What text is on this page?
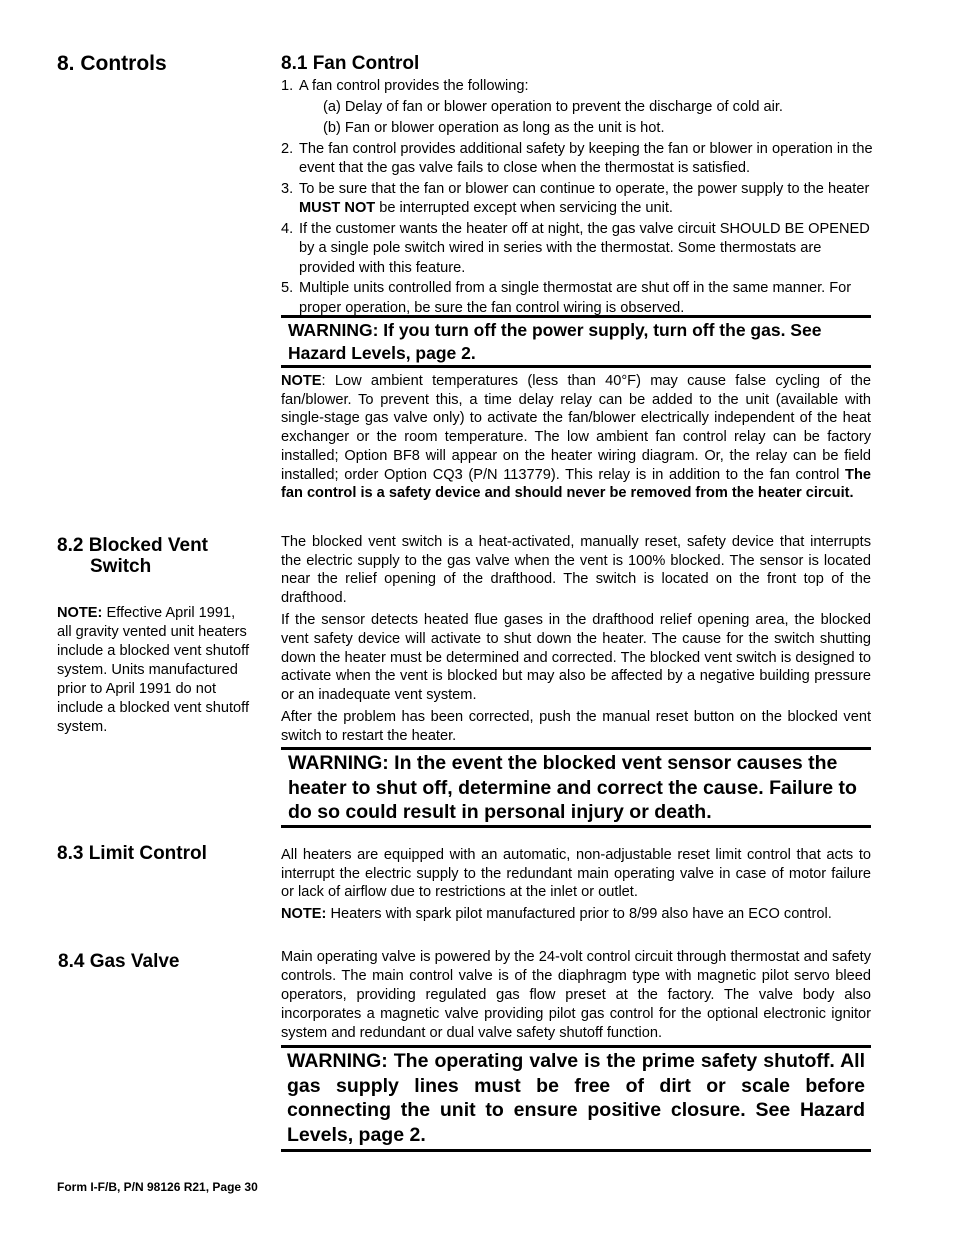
8. Controls	8.1 Fan Control
1. A fan control provides the following:
(a) Delay of fan or blower operation to prevent the discharge of cold air.
(b) Fan or blower operation as long as the unit is hot.
2. The fan control provides additional safety by keeping the fan or blower in operation in the event that the gas valve fails to close when the thermostat is satisfied.
3. To be sure that the fan or blower can continue to operate, the power supply to the heater MUST NOT be interrupted except when servicing the unit.
4. If the customer wants the heater off at night, the gas valve circuit SHOULD BE OPENED by a single pole switch wired in series with the thermostat. Some thermostats are provided with this feature.
5. Multiple units controlled from a single thermostat are shut off in the same manner. For proper operation, be sure the fan control wiring is observed.
WARNING: If you turn off the power supply, turn off the gas. See Hazard Levels, page 2.
NOTE: Low ambient temperatures (less than 40°F) may cause false cycling of the fan/blower. To prevent this, a time delay relay can be added to the unit (available with single-stage gas valve only) to activate the fan/blower electrically independent of the heat exchanger or the room temperature. The low ambient fan control relay can be factory installed; Option BF8 will appear on the heater wiring diagram. Or, the relay can be field installed; order Option CQ3 (P/N 113779). This relay is in addition to the fan control The fan control is a safety device and should never be removed from the heater circuit.
8.2 Blocked Vent
Switch
NOTE: Effective April 1991, all gravity vented unit heaters include a blocked vent shutoff system. Units manufactured prior to April 1991 do not include a blocked vent shutoff system.
The blocked vent switch is a heat-activated, manually reset, safety device that interrupts the electric supply to the gas valve when the vent is 100% blocked. The sensor is located near the relief opening of the drafthood. The switch is located on the front top of the drafthood.
If the sensor detects heated flue gases in the drafthood relief opening area, the blocked vent safety device will activate to shut down the heater. The cause for the switch shutting down the heater must be determined and corrected. The blocked vent switch is designed to activate when the vent is blocked but may also be affected by a negative building pressure or an inadequate vent system.
After the problem has been corrected, push the manual reset button on the blocked vent switch to restart the heater.
WARNING: In the event the blocked vent sensor causes the heater to shut off, determine and correct the cause. Failure to do so could result in personal injury or death.
8.3 Limit Control	All heaters are equipped with an automatic, non-adjustable reset limit control that acts to interrupt the electric supply to the redundant main operating valve in case of motor failure or lack of airflow due to restrictions at the inlet or outlet.
NOTE: Heaters with spark pilot manufactured prior to 8/99 also have an ECO control.
8.4 Gas Valve	Main operating valve is powered by the 24-volt control circuit through thermostat and safety controls. The main control valve is of the diaphragm type with magnetic pilot servo bleed operators, providing regulated gas flow preset at the factory. The valve body also incorporates a magnetic valve providing pilot gas control for the optional electronic ignitor system and redundant or dual valve safety shutoff function.
WARNING: The operating valve is the prime safety shutoff. All gas supply lines must be free of dirt or scale before connecting the unit to ensure positive closure. See Hazard Levels, page 2.
Form I-F/B, P/N 98126 R21, Page 30
